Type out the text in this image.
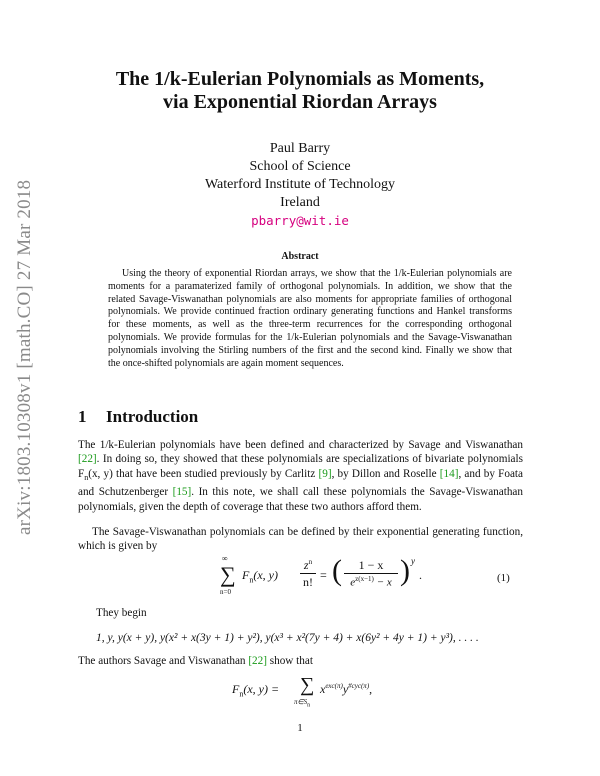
arXiv:1803.10308v1 [math.CO] 27 Mar 2018
The 1/k-Eulerian Polynomials as Moments,
via Exponential Riordan Arrays
Paul Barry
School of Science
Waterford Institute of Technology
Ireland
pbarry@wit.ie
Abstract
Using the theory of exponential Riordan arrays, we show that the 1/k-Eulerian polynomials are moments for a paramaterized family of orthogonal polynomials. In addition, we show that the related Savage-Viswanathan polynomials are also moments for appropriate families of orthogonal polynomials. We provide continued fraction ordinary generating functions and Hankel transforms for these moments, as well as the three-term recurrences for the corresponding orthogonal polynomials. We provide formulas for the 1/k-Eulerian polynomials and the Savage-Viswanathan polynomials involving the Stirling numbers of the first and the second kind. Finally we show that the once-shifted polynomials are again moment sequences.
1 Introduction
The 1/k-Eulerian polynomials have been defined and characterized by Savage and Viswanathan [22]. In doing so, they showed that these polynomials are specializations of bivariate polynomials $F_n(x$, y) that have been studied previously by Carlitz [9], by Dillon and Roselle [14], and by Foata and Schutzenberger [15]. In this note, we shall call these polynomials the Savage-Viswanathan polynomials, given the depth of coverage that these two authors afford them.
The Savage-Viswanathan polynomials can be defined by their exponential generating function, which is given by
∞
∑
n=0
$F_n(x$, y)
$z^n$
n! = (	1 − x
$e^{z(x-1)} - x$ ) y
.	(1)
They begin
1, y, y(x + y), y(x² + x(3y + 1) + y²), y(x³ + x²(7y + 4) + x(6y² + 4y + 1) + y³), . . . .
The authors Savage and Viswanathan [22] show that
$F_n(x$, y) = ∑
$\pi\in S_n$
$x^{exc(\pi)}y^{\#cyc(\pi)}$,
1
